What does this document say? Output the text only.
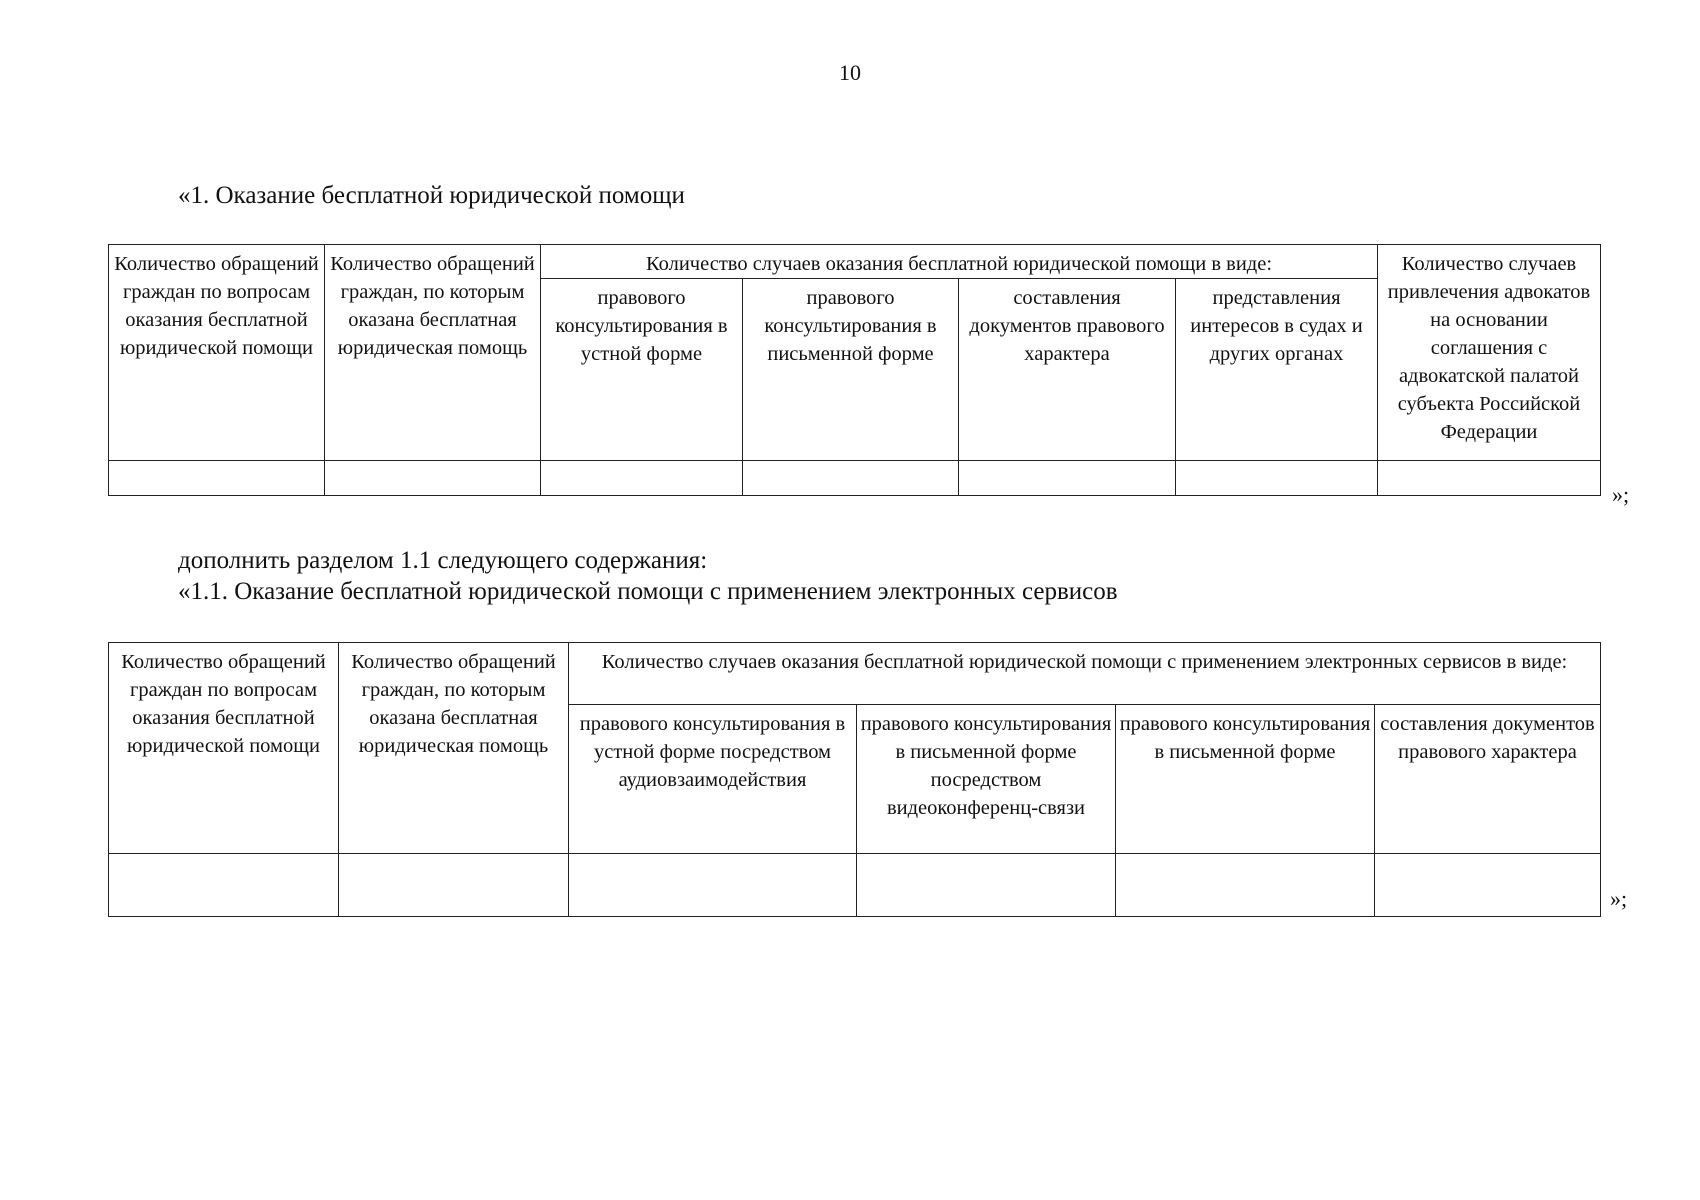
10
«1. Оказание бесплатной юридической помощи
Количество обращений граждан по вопросам оказания бесплатной юридической помощи	Количество обращений граждан, по которым оказана бесплатная юридическая помощь	Количество случаев оказания бесплатной юридической помощи в виде:				Количество случаев привлечения адвокатов на основании соглашения с адвокатской палатой субъекта Российской Федерации
		правового консультирования в устной форме	правового консультирования в письменной форме	составления документов правового характера	представления интересов в судах и других органах	

»;
дополнить разделом 1.1 следующего содержания:
«1.1. Оказание бесплатной юридической помощи с применением электронных сервисов
Количество обращений граждан по вопросам оказания бесплатной юридической помощи	Количество обращений граждан, по которым оказана бесплатная юридическая помощь	Количество случаев оказания бесплатной юридической помощи с применением электронных сервисов в виде:			
		правового консультирования в устной форме посредством аудиовзаимодействия	правового консультирования в письменной форме посредством видеоконференц-связи	правового консультирования в письменной форме	составления документов правового характера

»;
